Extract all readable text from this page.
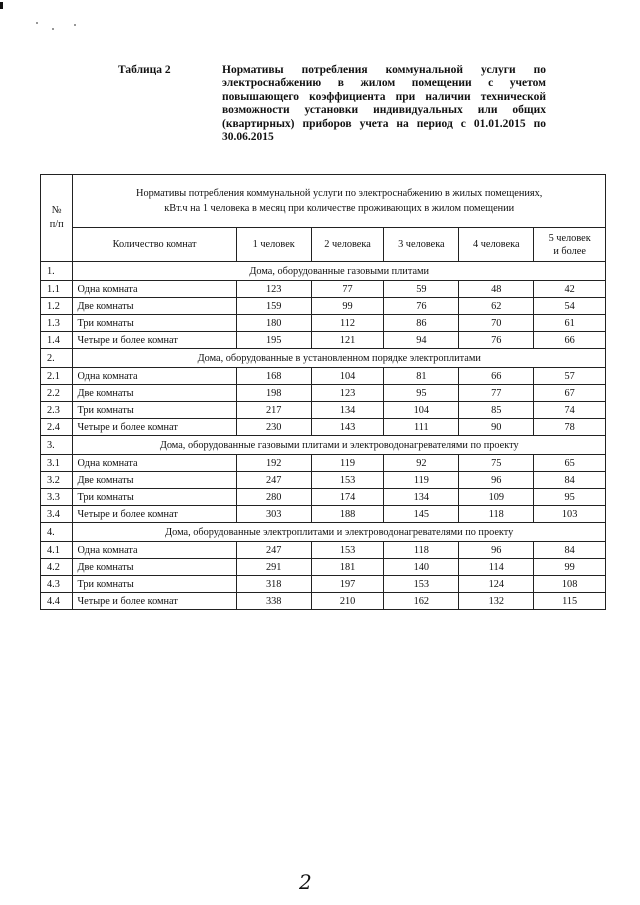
Таблица 2	Нормативы потребления коммунальной услуги по
электроснабжению в жилом помещении с учетом
повышающего коэффициента при наличии технической
возможности установки индивидуальных или общих
(квартирных) приборов учета на период с 01.01.2015 по
30.06.2015
№
п/п	Нормативы потребления коммунальной услуги по электроснабжению в жилых помещениях,
кВт.ч на 1 человека в месяц при количестве проживающих в жилом помещении					
	Количество комнат	1 человек	2 человека	3 человека	4 человека	5 человек
и более
1.	Дома, оборудованные газовыми плитами					
1.1	Одна комната	123	77	59	48	42
1.2	Две комнаты	159	99	76	62	54
1.3	Три комнаты	180	112	86	70	61
1.4	Четыре и более комнат	195	121	94	76	66
2.	Дома, оборудованные в установленном порядке электроплитами					
2.1	Одна комната	168	104	81	66	57
2.2	Две комнаты	198	123	95	77	67
2.3	Три комнаты	217	134	104	85	74
2.4	Четыре и более комнат	230	143	111	90	78
3.	Дома, оборудованные газовыми плитами и электроводонагревателями по проекту					
3.1	Одна комната	192	119	92	75	65
3.2	Две комнаты	247	153	119	96	84
3.3	Три комнаты	280	174	134	109	95
3.4	Четыре и более комнат	303	188	145	118	103
4.	Дома, оборудованные электроплитами и электроводонагревателями по проекту					
4.1	Одна комната	247	153	118	96	84
4.2	Две комнаты	291	181	140	114	99
4.3	Три комнаты	318	197	153	124	108
4.4	Четыре и более комнат	338	210	162	132	115
2
